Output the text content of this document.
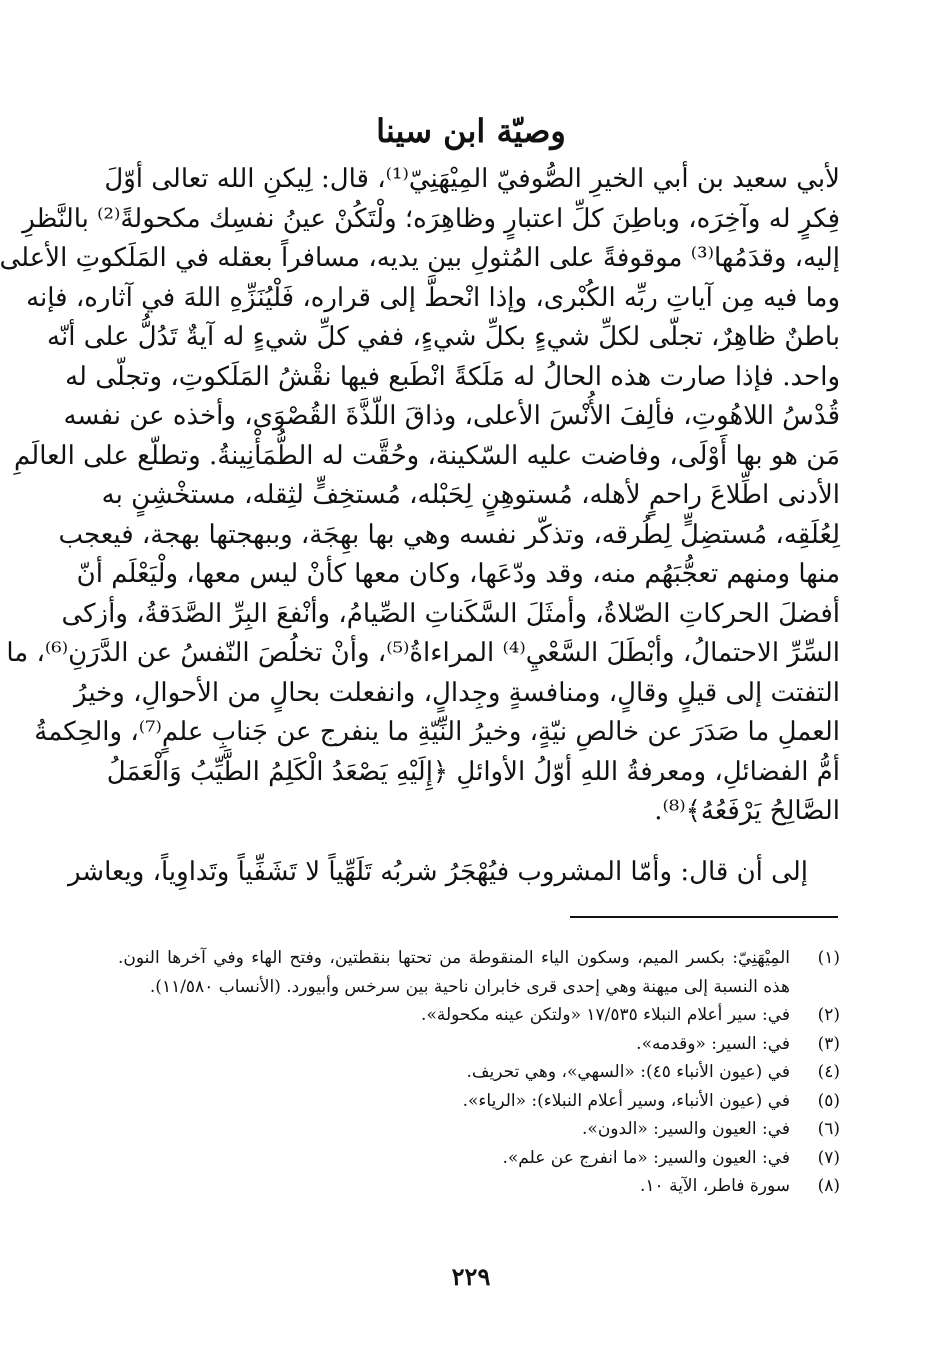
وصيّة ابن سينا
لأبي سعيد بن أبي الخيرِ الصُّوفيّ المِيْهَنِيّ⁽¹⁾، قال: لِيكنِ الله تعالى أوّلَ
فِكرٍ له وآخِرَه، وباطِنَ كلِّ اعتبارٍ وظاهِرَه؛ ولْتَكُنْ عينُ نفسِك مكحولةً⁽²⁾ بالنَّظرِ
إليه، وقدَمُها⁽³⁾ موقوفةً على المُثولِ بين يديه، مسافراً بعقله في المَلَكوتِ الأعلى
وما فيه مِن آياتِ ربِّه الكُبْرى، وإذا انْحطَّ إلى قراره، فَلْيُنَزِّهِ اللهَ في آثاره، فإنه
باطنٌ ظاهِرٌ، تجلّى لكلِّ شيءٍ بكلِّ شيءٍ، ففي كلِّ شيءٍ له آيةٌ تَدُلُّ على أنّه
واحد. فإذا صارت هذه الحالُ له مَلَكةً انْطَبع فيها نقْشُ المَلَكوتِ، وتجلّى له
قُدْسُ اللاهُوتِ، فألِفَ الأُنْسَ الأعلى، وذاقَ اللّذَّةَ القُصْوَى، وأخذه عن نفسه
مَن هو بها أَوْلَى، وفاضت عليه السّكينة، وحُقَّت له الطُّمَأْنِينةُ. وتطلّع على العالَمِ
الأدنى اطِّلاعَ راحمٍ لأهله، مُستوهِنٍ لِحَبْله، مُستخِفٍّ لثِقله، مستخْشِنٍ به
لِعُلَقِه، مُستضِلٍّ لِطُرقه، وتذكّر نفسه وهي بها بهِجَة، وببهجتها بهجة، فيعجب
منها ومنهم تعجُّبَهُم منه، وقد ودّعَها، وكان معها كأنْ ليس معها، ولْيَعْلَم أنّ
أفضلَ الحركاتِ الصّلاةُ، وأمثَلَ السَّكَناتِ الصِّيامُ، وأنْفعَ البِرِّ الصَّدَقةُ، وأزكى
السِّرِّ الاحتمالُ، وأبْطَلَ السَّعْيِ⁽⁴⁾ المراءاةُ⁽⁵⁾، وأنْ تخلُصَ النّفسُ عن الدَّرَنِ⁽⁶⁾، ما
التفتت إلى قيلٍ وقالٍ، ومنافسةٍ وجِدالٍ، وانفعلت بحالٍ من الأحوالِ، وخيرُ
العملِ ما صَدَرَ عن خالصِ نيّةٍ، وخيرُ النِّيّةِ ما ينفرج عن جَنابِ علمٍ⁽⁷⁾، والحِكمةُ
أمُّ الفضائلِ، ومعرفةُ اللهِ أوّلُ الأوائلِ ﴿إِلَيْهِ يَصْعَدُ الْكَلِمُ الطَّيِّبُ وَالْعَمَلُ
الصَّالِحُ يَرْفَعُهُ﴾⁽⁸⁾.
إلى أن قال: وأمّا المشروب فيُهْجَرُ شربُه تَلَهِّياً لا تَشَفِّياً وتَداوِياً، ويعاشر
(١)
المِيْهَنِيّ: بكسر الميم، وسكون الياء المنقوطة من تحتها بنقطتين، وفتح الهاء وفي آخرها النون. هذه النسبة إلى ميهنة وهي إحدى قرى خابران ناحية بين سرخس وأبيورد. (الأنساب ١١/٥٨٠).
(٢)
في: سير أعلام النبلاء ١٧/٥٣٥ «ولتكن عينه مكحولة».
(٣)
في: السير: «وقدمه».
(٤)
في (عيون الأنباء ٤٥): «السهي»، وهي تحريف.
(٥)
في (عيون الأنباء، وسير أعلام النبلاء): «الرياء».
(٦)
في: العيون والسير: «الدون».
(٧)
في: العيون والسير: «ما انفرج عن علم».
(٨)
سورة فاطر، الآية ١٠.
٢٢٩
